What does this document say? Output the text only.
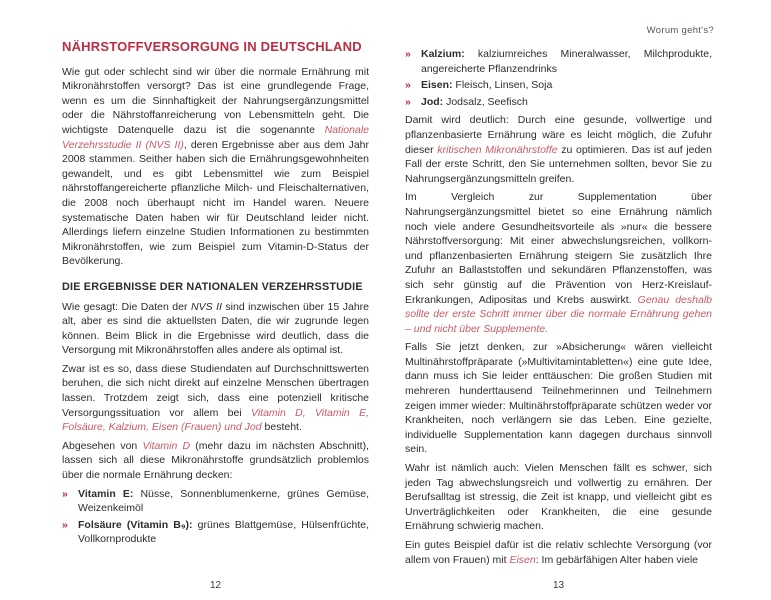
Worum geht's?
NÄHRSTOFFVERSORGUNG IN DEUTSCHLAND

Wie gut oder schlecht sind wir über die normale Ernährung mit Mikronährstoffen versorgt? Das ist eine grundlegende Frage, wenn es um die Sinnhaftigkeit der Nahrungsergänzungsmittel oder die Nährstoffanreicherung von Lebensmitteln geht. Die wichtigste Datenquelle dazu ist die sogenannte Nationale Verzehrsstudie II (NVS II), deren Ergebnisse aber aus dem Jahr 2008 stammen. Seither haben sich die Ernährungsgewohnheiten gewandelt, und es gibt Lebensmittel wie zum Beispiel nährstoffangereicherte pflanzliche Milch- und Fleischalternativen, die 2008 noch überhaupt nicht im Handel waren. Neuere systematische Daten haben wir für Deutschland leider nicht. Allerdings liefern einzelne Studien Informationen zu bestimmten Mikronährstoffen, wie zum Beispiel zum Vitamin-D-Status der Bevölkerung.

DIE ERGEBNISSE DER NATIONALEN VERZEHRSSTUDIE

Wie gesagt: Die Daten der NVS II sind inzwischen über 15 Jahre alt, aber es sind die aktuellsten Daten, die wir zugrunde legen können. Beim Blick in die Ergebnisse wird deutlich, dass die Versorgung mit Mikronährstoffen alles andere als optimal ist.

Zwar ist es so, dass diese Studiendaten auf Durchschnittswerten beruhen, die sich nicht direkt auf einzelne Menschen übertragen lassen. Trotzdem zeigt sich, dass eine potenziell kritische Versorgungssituation vor allem bei Vitamin D, Vitamin E, Folsäure, Kalzium, Eisen (Frauen) und Jod besteht.

Abgesehen von Vitamin D (mehr dazu im nächsten Abschnitt), lassen sich all diese Mikronährstoffe grundsätzlich problemlos über die normale Ernährung decken:

» Vitamin E: Nüsse, Sonnenblumenkerne, grünes Gemüse, Weizenkeimöl
» Folsäure (Vitamin B₉): grünes Blattgemüse, Hülsenfrüchte, Vollkornprodukte
» Kalzium: kalziumreiches Mineralwasser, Milchprodukte, angereicherte Pflanzendrinks
» Eisen: Fleisch, Linsen, Soja
» Jod: Jodsalz, Seefisch

Damit wird deutlich: Durch eine gesunde, vollwertige und pflanzenbasierte Ernährung wäre es leicht möglich, die Zufuhr dieser kritischen Mikronährstoffe zu optimieren. Das ist auf jeden Fall der erste Schritt, den Sie unternehmen sollten, bevor Sie zu Nahrungsergänzungsmitteln greifen.

Im Vergleich zur Supplementation über Nahrungsergänzungsmittel bietet so eine Ernährung nämlich noch viele andere Gesundheitsvorteile als »nur« die bessere Nährstoffversorgung: Mit einer abwechslungsreichen, vollkorn- und pflanzenbasierten Ernährung steigern Sie zusätzlich Ihre Zufuhr an Ballaststoffen und sekundären Pflanzenstoffen, was sich sehr günstig auf die Prävention von Herz-Kreislauf-Erkrankungen, Adipositas und Krebs auswirkt. Genau deshalb sollte der erste Schritt immer über die normale Ernährung gehen – und nicht über Supplemente.

Falls Sie jetzt denken, zur »Absicherung« wären vielleicht Multinährstoffpräparate (»Multivitamintabletten«) eine gute Idee, dann muss ich Sie leider enttäuschen: Die großen Studien mit mehreren hunderttausend Teilnehmerinnen und Teilnehmern zeigen immer wieder: Multinährstoffpräparate schützen weder vor Krankheiten, noch verlängern sie das Leben. Eine gezielte, individuelle Supplementation kann dagegen durchaus sinnvoll sein.

Wahr ist nämlich auch: Vielen Menschen fällt es schwer, sich jeden Tag abwechslungsreich und vollwertig zu ernähren. Der Berufsalltag ist stressig, die Zeit ist knapp, und vielleicht gibt es Unverträglichkeiten oder Krankheiten, die eine gesunde Ernährung schwierig machen.

Ein gutes Beispiel dafür ist die relativ schlechte Versorgung (vor allem von Frauen) mit Eisen: Im gebärfähigen Alter haben viele

12	13
